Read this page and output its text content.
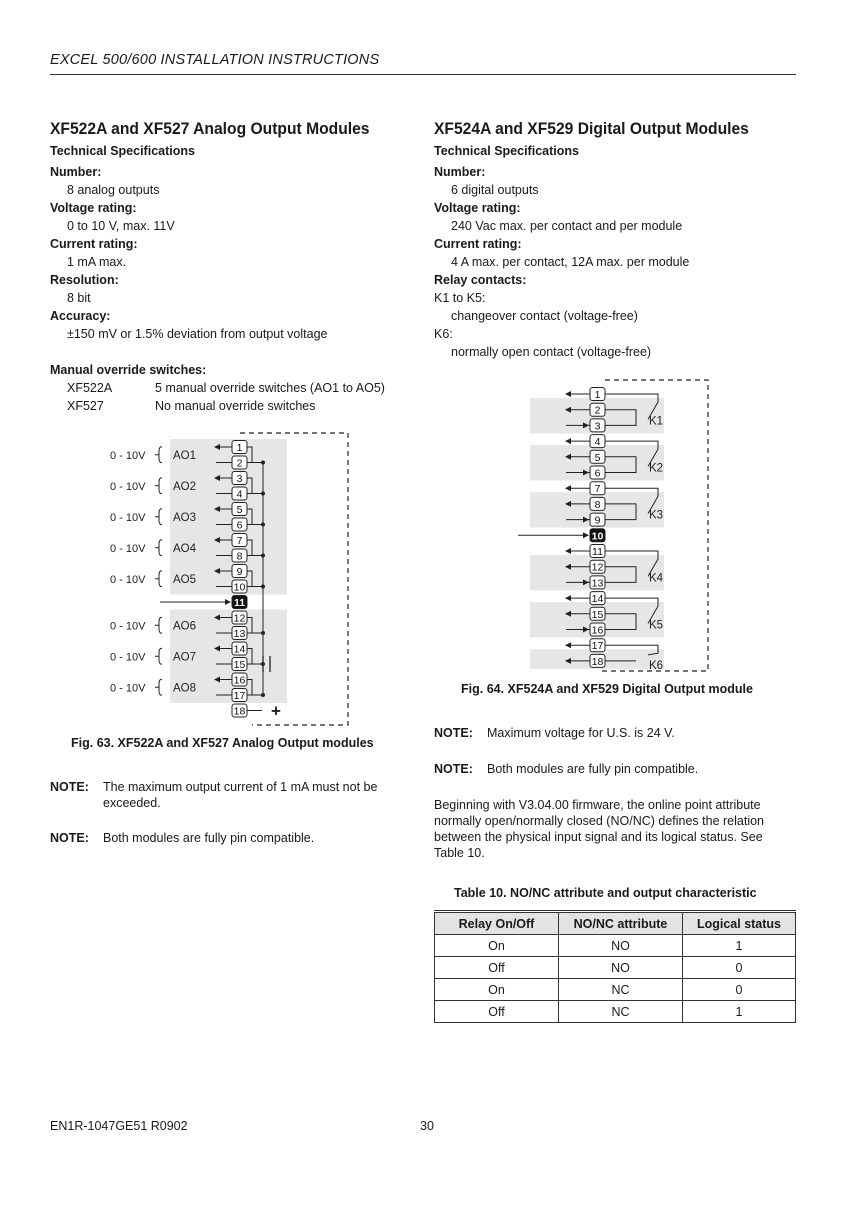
EXCEL 500/600 INSTALLATION INSTRUCTIONS
XF522A and XF527 Analog Output Modules
Technical Specifications
Number:
8 analog outputs
Voltage rating:
0 to 10 V, max. 11V
Current rating:
1 mA max.
Resolution:
8 bit
Accuracy:
±150 mV or 1.5% deviation from output voltage
Manual override switches:
XF522A	5 manual override switches (AO1 to AO5)
XF527	No manual override switches
0 - 10V AO1
0 - 10V AO2
0 - 10V AO3
0 - 10V AO4
0 - 10V AO5
0 - 10V AO6
0 - 10V AO7
0 - 10V AO8
+
1
2
3
4
5
6
7
8
9
10
11
12
13
14
15
16
17
18
Fig. 63. XF522A and XF527 Analog Output modules
NOTE: The maximum output current of 1 mA must not be
exceeded.
NOTE: Both modules are fully pin compatible.
XF524A and XF529 Digital Output Modules
Technical Specifications
Number:
6 digital outputs
Voltage rating:
240 Vac max. per contact and per module
Current rating:
4 A max. per contact, 12A max. per module
Relay contacts:
K1 to K5:
changeover contact (voltage-free)
K6:
normally open contact (voltage-free)
K1
K2
K3
K4
K5
K6
1
2
3
4
5
6
7
8
9
10
11
12
13
14
15
16
17
18
Fig. 64. XF524A and XF529 Digital Output module
NOTE: Maximum voltage for U.S. is 24 V.
NOTE: Both modules are fully pin compatible.
Beginning with V3.04.00 firmware, the online point attribute
normally open/normally closed (NO/NC) defines the relation
between the physical input signal and its logical status. See
Table 10.
Table 10. NO/NC attribute and output characteristic
Relay On/Off	NO/NC attribute	Logical status
On	NO	1
Off	NO	0
On	NC	0
Off	NC	1
EN1R-1047GE51 R0902	30
